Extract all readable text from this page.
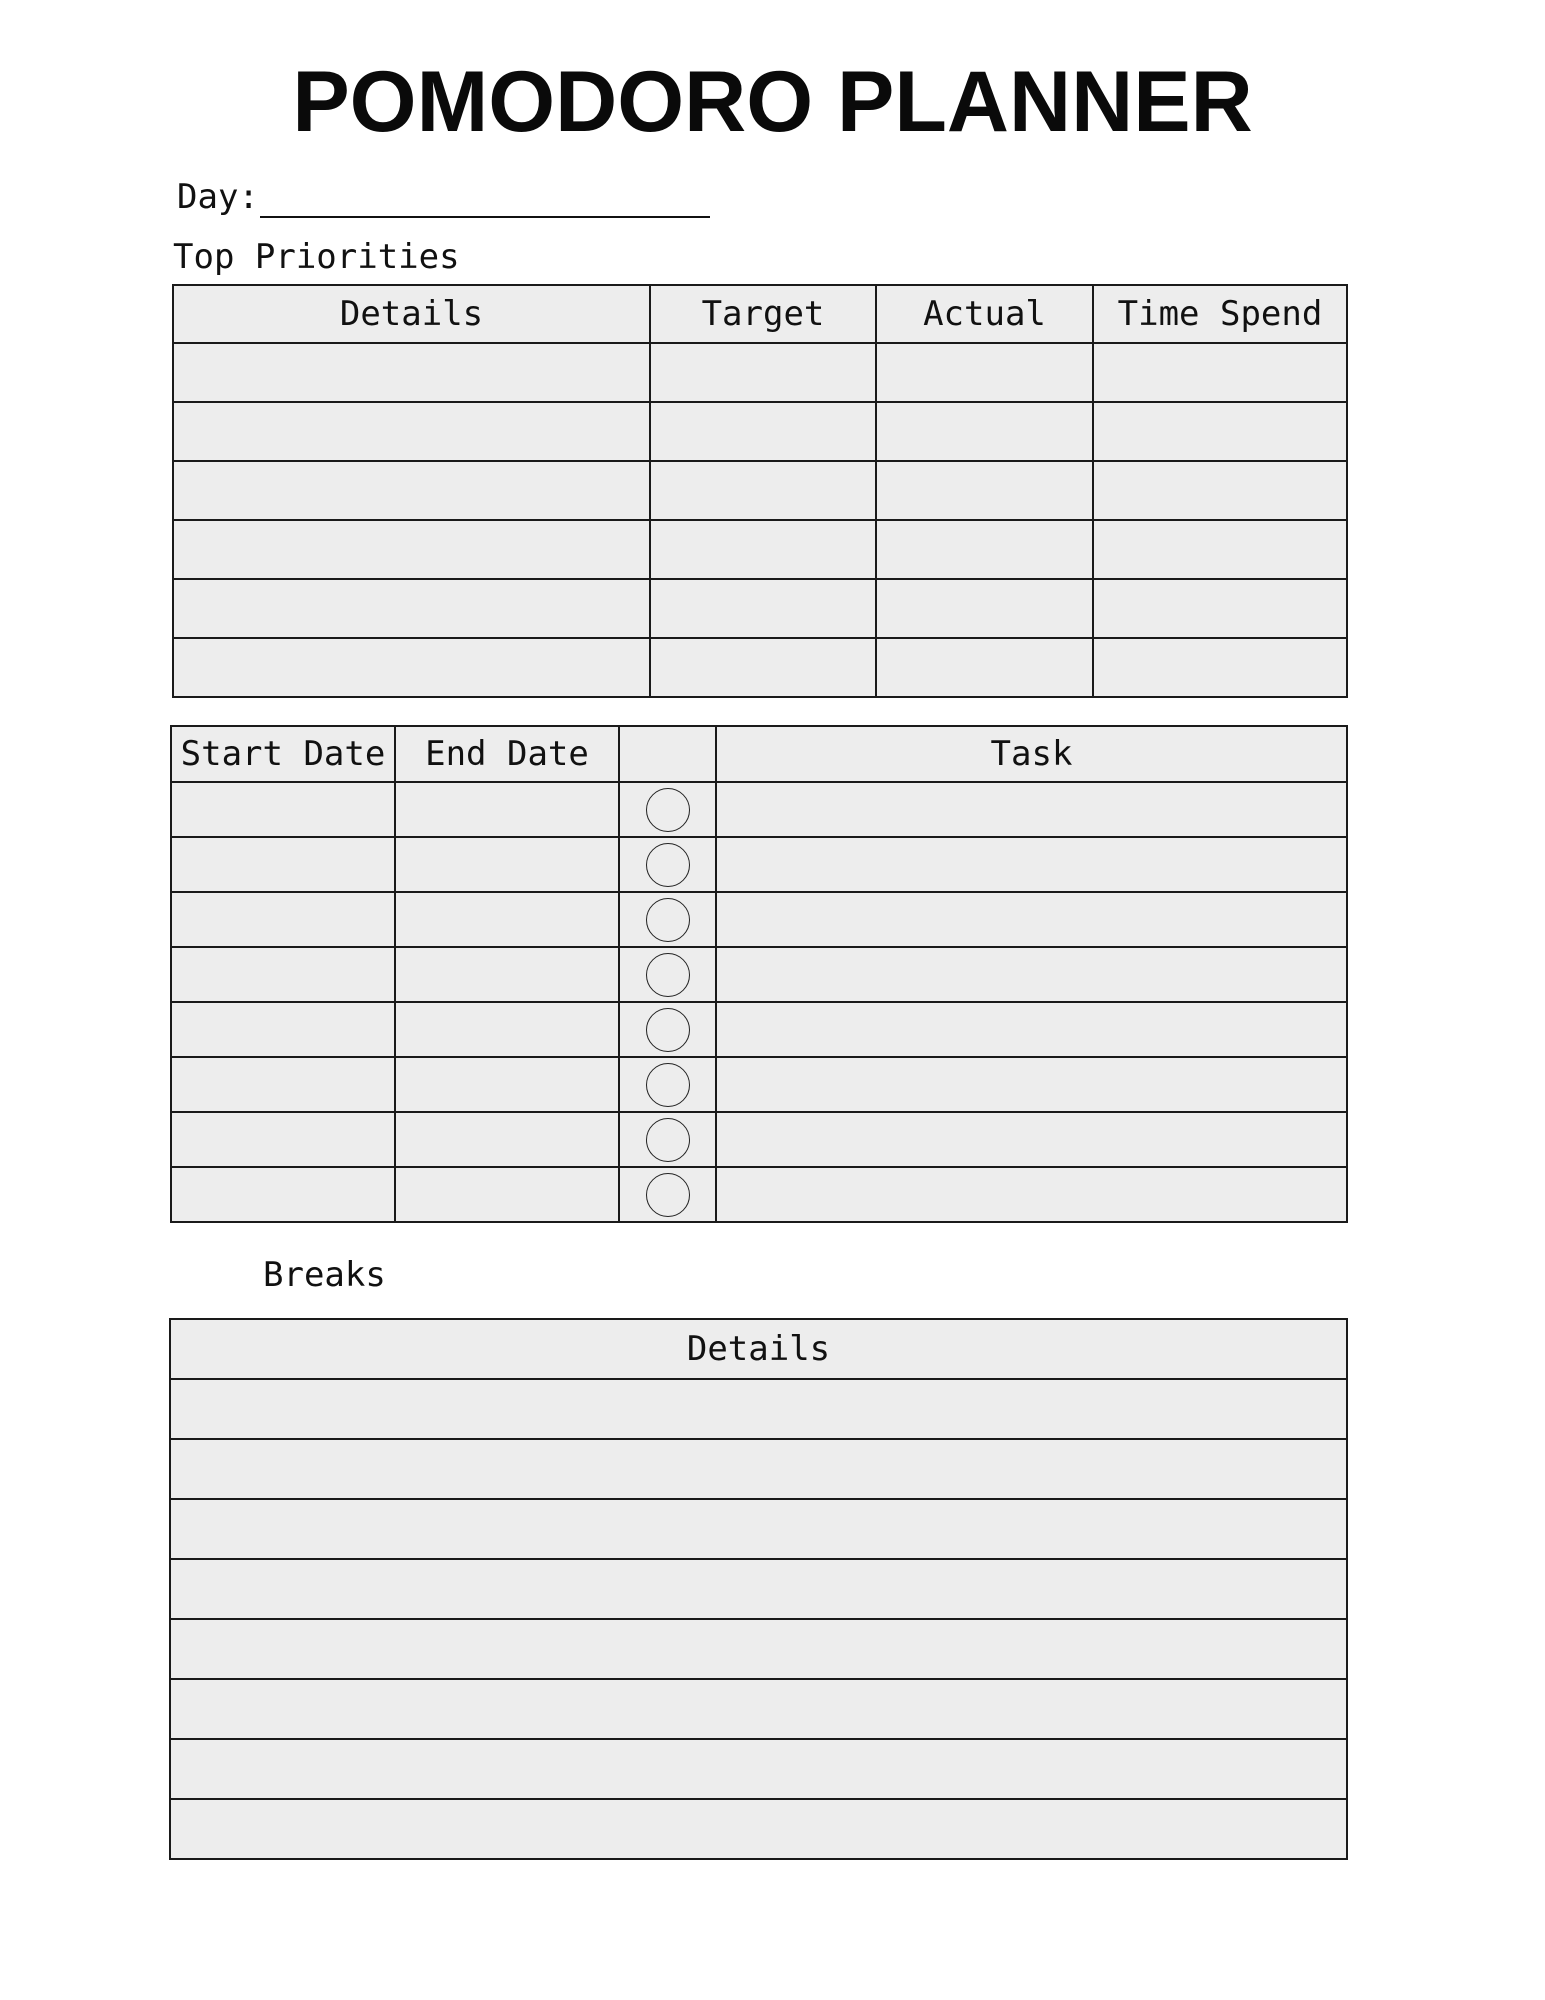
POMODORO PLANNER
Day:
Top Priorities
Details	Target	Actual	Time Spend

Start Date	End Date		Task

Breaks
Details
